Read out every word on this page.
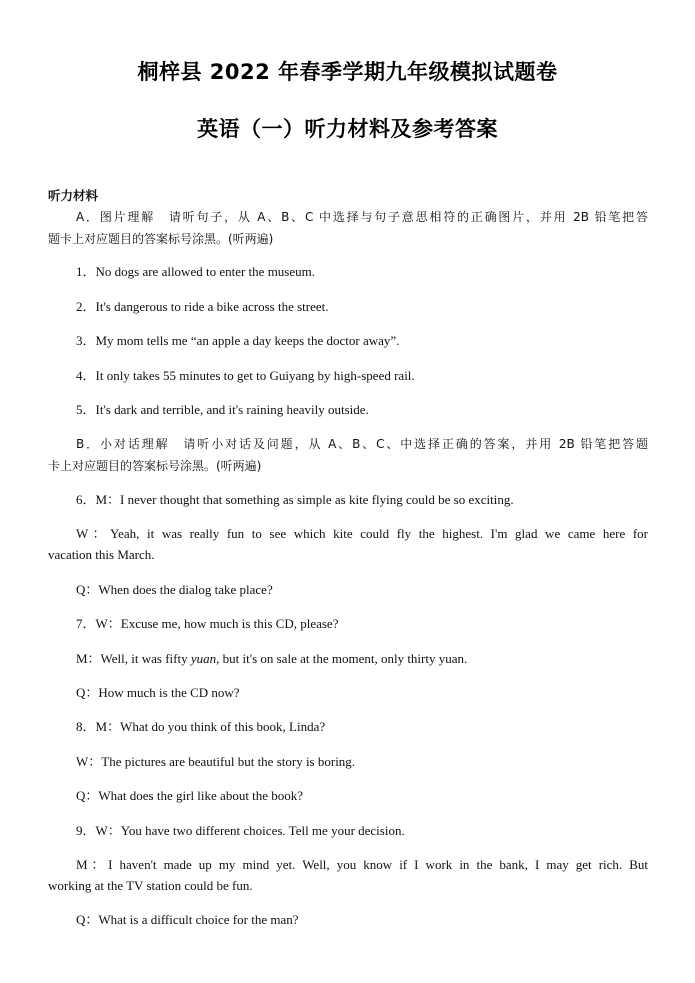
桐梓县 2022 年春季学期九年级模拟试题卷
英语（一）听力材料及参考答案
听力材料
A．图片理解　请听句子，从 A、B、C 中选择与句子意思相符的正确图片，并用 2B 铅笔把答
题卡上对应题目的答案标号涂黑。(听两遍)
1．No dogs are allowed to enter the museum.
2．It's dangerous to ride a bike across the street.
3．My mom tells me “an apple a day keeps the doctor away”.
4．It only takes 55 minutes to get to Guiyang by high-speed rail.
5．It's dark and terrible, and it's raining heavily outside.
B．小对话理解　请听小对话及问题，从 A、B、C、中选择正确的答案，并用 2B 铅笔把答题
卡上对应题目的答案标号涂黑。(听两遍)
6．M：I never thought that something as simple as kite flying could be so exciting.
W：Yeah, it was really fun to see which kite could fly the highest. I'm glad we came here for
vacation this March.
Q：When does the dialog take place?
7．W：Excuse me, how much is this CD, please?
M：Well, it was fifty yuan, but it's on sale at the moment, only thirty yuan.
Q：How much is the CD now?
8．M：What do you think of this book, Linda?
W：The pictures are beautiful but the story is boring.
Q：What does the girl like about the book?
9．W：You have two different choices. Tell me your decision.
M：I haven't made up my mind yet. Well, you know if I work in the bank, I may get rich. But
working at the TV station could be fun.
Q：What is a difficult choice for the man?
